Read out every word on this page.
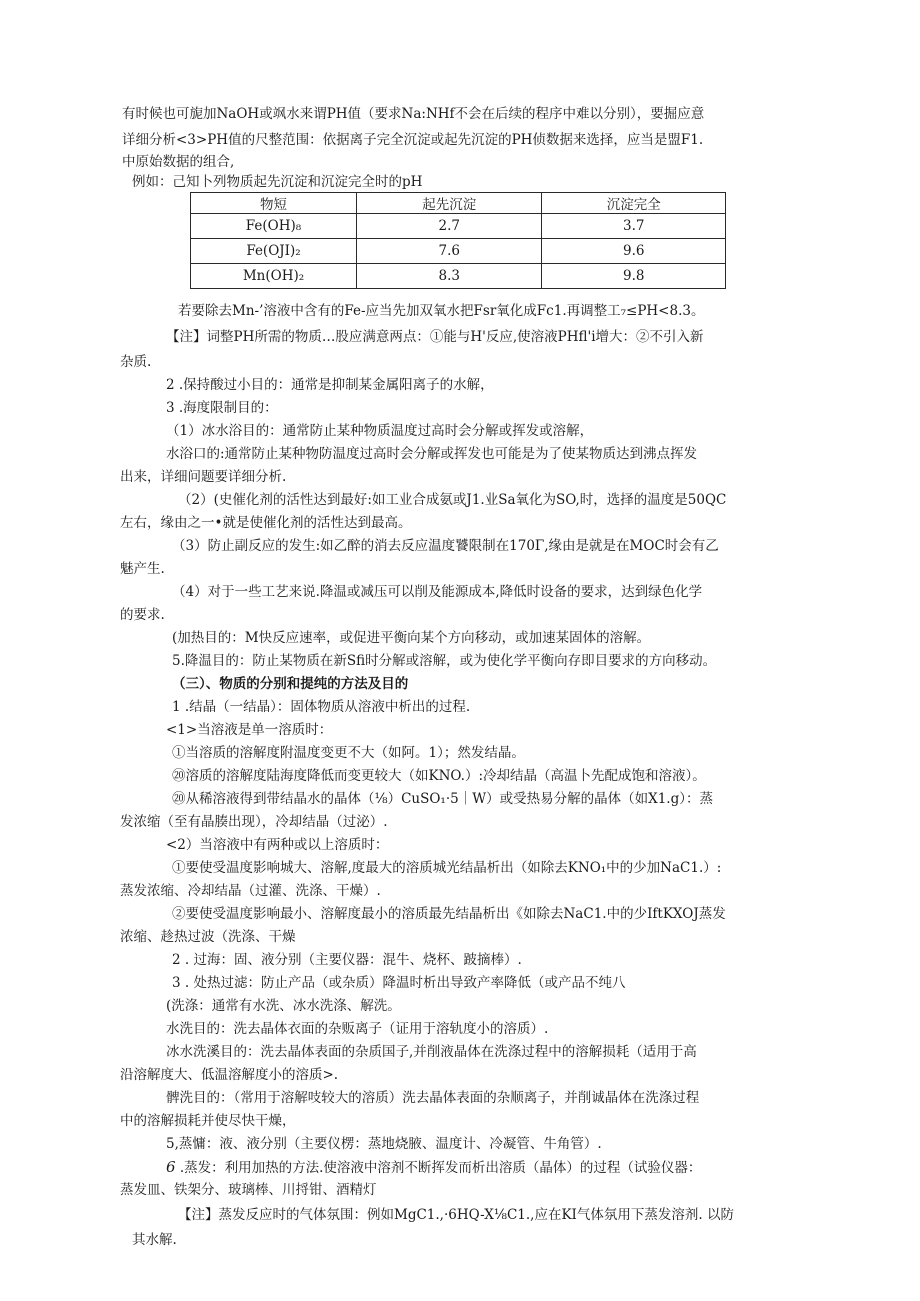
有时候也可旎加NaOH或飒水来谓PH值（要求Na:NHf不会在后续的程序中难以分别），要掘应意
详细分析<3>PH值的尺整范围：依据离子完全沉淀或起先沉淀的PH侦数据来选择，应当是盟F1.
中原始数据的组合,
例如：己知卜列物质起先沉淀和沉淀完全时的pH
物短	起先沉淀	沉淀完全
Fe(OH)₈	2.7	3.7
Fe(OJI)₂	7.6	9.6
Mn(OH)₂	8.3	9.8
若要除去Mn-’溶液中含有的Fe-应当先加双氧水把Fsr氧化成Fc1.再调整工₇≤PH<8.3。
【注】词整PH所需的物质…股应满意两点：①能与H'反应,使溶液PHfl'i增大：②不引入新
杂质.
2 .保持酸过小目的：通常是抑制某金属阳离子的水解，
3 .海度限制目的：
（1）冰水浴目的：通常防止某种物质温度过高时会分解或挥发或溶解，
水浴口的:通常防止某种物防温度过高时会分解或挥发也可能是为了使某物质达到沸点挥发
出来，详细问题要详细分析.
（2）(史催化剂的活性达到最好:如工业合成氨或J1.业Sa氧化为SO,时，选择的温度是50QC
左右，缘由之一•就是使催化剂的活性达到最高。
（3）防止副反应的发生:如乙醉的消去反应温度饕限制在170Γ,缘由是就是在MOC时会有乙
魅产生.
（4）对于一些工艺来说.降温或减压可以削及能源成本,降低时设备的要求，达到绿色化学
的要求.
(加热目的：M快反应速率，或促进平衡向某个方向移动，或加速某固体的溶解。
5.降温目的：防止某物质在新Sfi时分解或溶解，或为使化学平衡向存即目要求的方向移动。
（三）、物质的分别和提纯的方法及目的
1 .结晶（一结晶）：固体物质从溶液中析出的过程.
<1>当溶液是单一溶质时：
①当溶质的溶解度附温度变更不大（如阿。1）；然发结晶。
⑳溶质的溶解度陆海度降低而变更较大（如KNO.）:冷却结晶（高温卜先配成饱和溶液）。
⑳从稀溶液得到带结晶水的晶体（⅛）CuSO₁·5｜W）或受热易分解的晶体（如X1.g）：蒸
发浓缩（至有晶腠出现），冷却结晶（过泌）.
<2）当溶液中有两种或以上溶质时：
①要使受温度影响城大、溶解,度最大的溶质城光结晶析出（如除去KNO₁中的少加NaC1.）:
蒸发浓缩、冷却结晶（过灌、洗涤、干燥）.
②要使受温度影响最小、溶解度最小的溶质最先结晶析出《如除去NaC1.中的少IftKXOJ蒸发
浓缩、趁热过波（洗涤、干燥
2 . 过海：固、液分别（主要仪器：混牛、烧杯、跛摘棒）.
3 . 处热过滤：防止产品（或杂质）降温时析出导致产率降低（或产品不纯八
(洗涤：通常有水洗、冰水洗涤、解洗。
水洗目的：洗去晶体衣面的杂贩离子（证用于溶轨度小的溶质）.
冰水洗溪目的：洗去晶体表面的杂质国子,并削液晶体在洗涤过程中的溶解损耗（适用于高
沿溶解度大、低温溶解度小的溶质>.
髀洗目的：（常用于溶解吱较大的溶质）洗去晶体表面的杂顺离子，并削诚晶体在洗涤过程
中的溶解损耗并使尽快干燥，
5,蒸慵：液、液分别（主要仪楞：蒸地烧腋、温度计、冷凝管、牛角管）.
6 .蒸发：利用加热的方法.使溶液中溶剂不断挥发而析出溶质（晶体）的过程（试验仪器：
蒸发皿、铁架分、玻璃棒、川捋钳、酒精灯
【注】蒸发反应时的气体氛围：例如MgC1.,·6HQ-X⅛C1.,应在KI气体氛用下蒸发溶剂. 以防
其水解.
